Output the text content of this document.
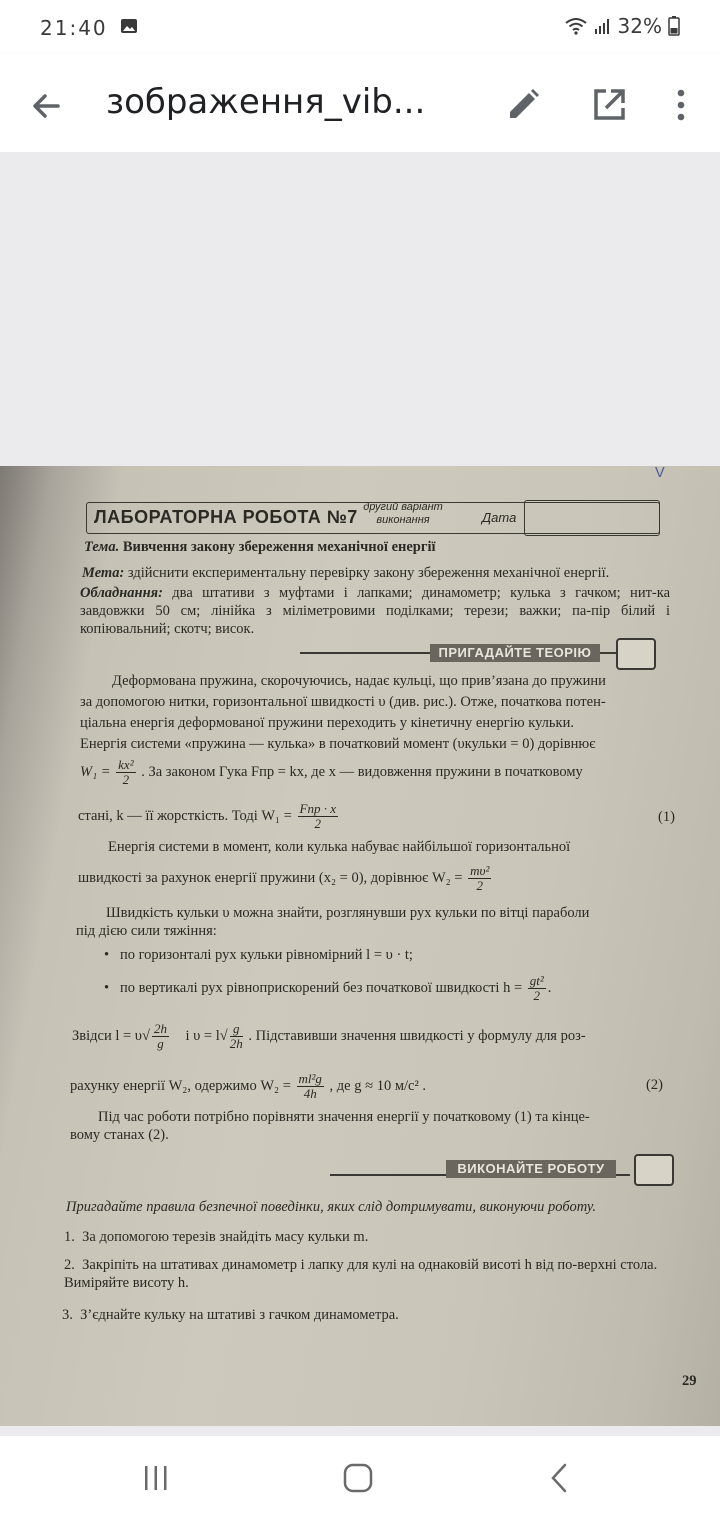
21:40	32%
зображення_vib...
V
ЛАБОРАТОРНА РОБОТА №7 другий варіант виконання	Дата
Тема. Вивчення закону збереження механічної енергії
Мета: здійснити експериментальну перевірку закону збереження механічної енергії.
Обладнання: два штативи з муфтами і лапками; динамометр; кулька з гачком; нит-ка завдовжки 50 см; лінійка з міліметровими поділками; терези; важки; па-пір білий і копіювальний; скотч; висок.
ПРИГАДАЙТЕ ТЕОРІЮ
Деформована пружина, скорочуючись, надає кульці, що прив’язана до пружини
за допомогою нитки, горизонтальної швидкості υ (див. рис.). Отже, початкова потен-
ціальна енергія деформованої пружини переходить у кінетичну енергію кульки.
Енергія системи «пружина — кулька» в початковий момент (υкульки = 0) дорівнює
$W_1 = \frac{\text{kx²}}{2}$ . За законом Гука Fпр = kx, де x — видовження пружини в початковому
стані, k — її жорсткість. Тоді $W_1 = \frac{\text{Fпр · x}}{2}$	(1)
Енергія системи в момент, коли кулька набуває найбільшої горизонтальної
швидкості за рахунок енергії пружини (x₂ = 0), дорівнює $W_2 = \frac{\text{mυ²}}{2}$
Швидкість кульки υ можна знайти, розглянувши рух кульки по вітці параболи
під дією сили тяжіння:
• по горизонталі рух кульки рівномірний l = υ · t;
• по вертикалі рух рівноприскорений без початкової швидкості $h = \frac{\text{gt²}}{2}$ .
Звідси $l = \upsilon√ \frac{2h}{g}$ і $\upsilon = l√ \frac{g}{2h}$ . Підставивши значення швидкості у формулу для роз-
рахунку енергії W₂, одержимо $W_2 = \frac{\text{ml²g}}{4h}$ , де g ≈ 10 м/с² .	(2)
Під час роботи потрібно порівняти значення енергії у початковому (1) та кінце-
вому станах (2).
ВИКОНАЙТЕ РОБОТУ
Пригадайте правила безпечної поведінки, яких слід дотримувати, виконуючи роботу.
1. За допомогою терезів знайдіть масу кульки m.
2. Закріпіть на штативах динамометр і лапку для кулі на однаковій висоті h від по-верхні стола. Виміряйте висоту h.
3. З’єднайте кульку на штативі з гачком динамометра.
29
